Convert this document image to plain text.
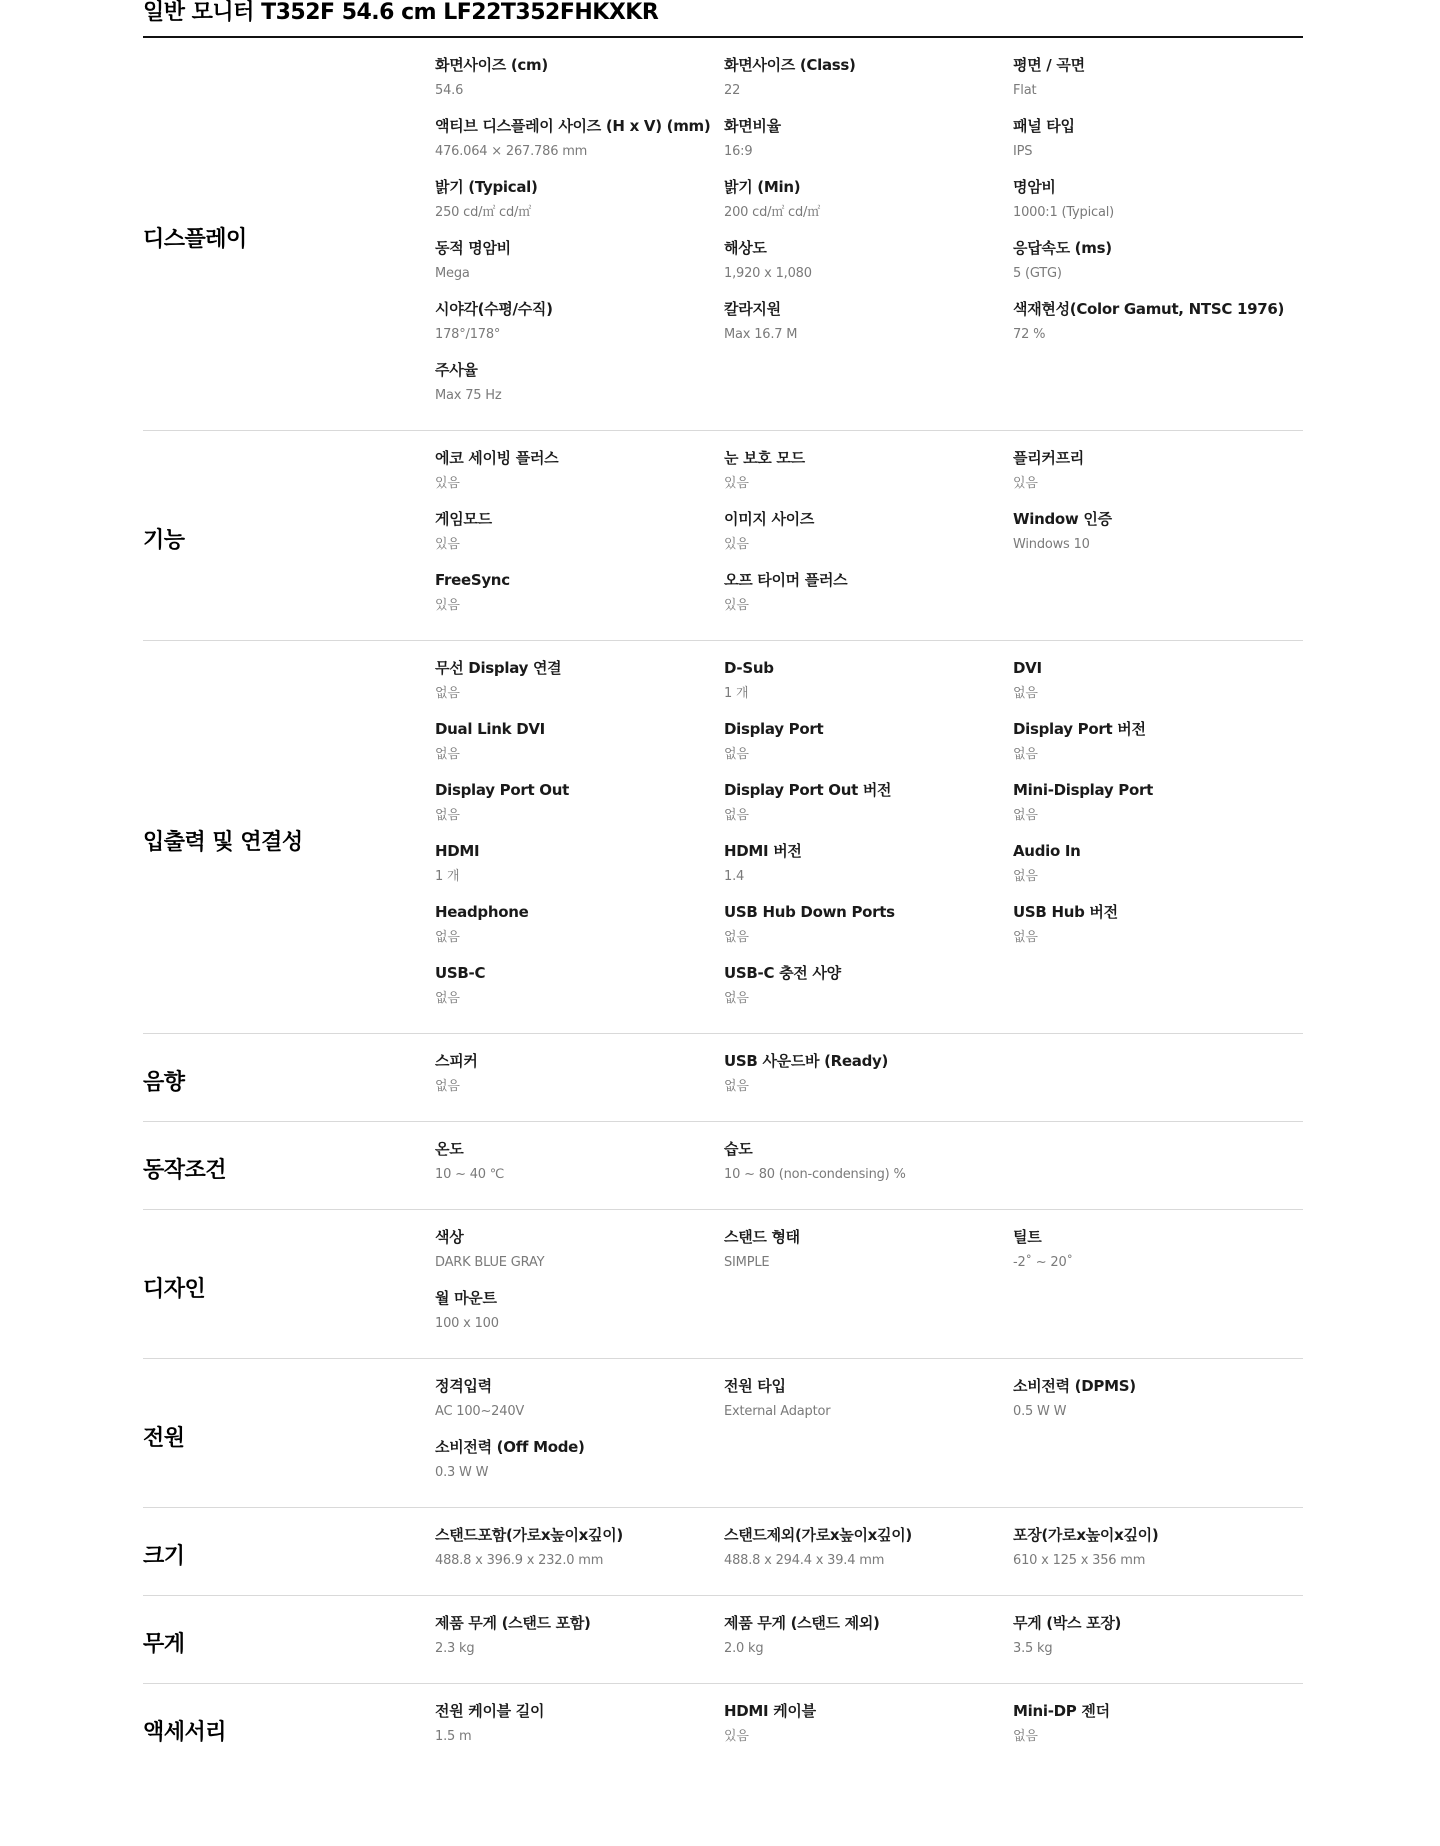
일반 모니터 T352F 54.6 cm LF22T352FHKXKR
디스플레이
화면사이즈 (cm)
54.6
화면사이즈 (Class)
22
평면 / 곡면
Flat
액티브 디스플레이 사이즈 (H x V) (mm)
476.064 × 267.786 mm
화면비율
16:9
패널 타입
IPS
밝기 (Typical)
250 cd/㎡ cd/㎡
밝기 (Min)
200 cd/㎡ cd/㎡
명암비
1000:1 (Typical)
동적 명암비
Mega
해상도
1,920 x 1,080
응답속도 (ms)
5 (GTG)
시야각(수평/수직)
178°/178°
칼라지원
Max 16.7 M
색재현성(Color Gamut, NTSC 1976)
72 %
주사율
Max 75 Hz
기능
에코 세이빙 플러스
있음
눈 보호 모드
있음
플리커프리
있음
게임모드
있음
이미지 사이즈
있음
Window 인증
Windows 10
FreeSync
있음
오프 타이머 플러스
있음
입출력 및 연결성
무선 Display 연결
없음
D-Sub
1 개
DVI
없음
Dual Link DVI
없음
Display Port
없음
Display Port 버전
없음
Display Port Out
없음
Display Port Out 버전
없음
Mini-Display Port
없음
HDMI
1 개
HDMI 버전
1.4
Audio In
없음
Headphone
없음
USB Hub Down Ports
없음
USB Hub 버전
없음
USB-C
없음
USB-C 충전 사양
없음
음향
스피커
없음
USB 사운드바 (Ready)
없음
동작조건
온도
10 ~ 40 ℃
습도
10 ~ 80 (non-condensing) %
디자인
색상
DARK BLUE GRAY
스탠드 형태
SIMPLE
틸트
-2˚ ~ 20˚
월 마운트
100 x 100
전원
정격입력
AC 100~240V
전원 타입
External Adaptor
소비전력 (DPMS)
0.5 W W
소비전력 (Off Mode)
0.3 W W
크기
스탠드포함(가로x높이x깊이)
488.8 x 396.9 x 232.0 mm
스탠드제외(가로x높이x깊이)
488.8 x 294.4 x 39.4 mm
포장(가로x높이x깊이)
610 x 125 x 356 mm
무게
제품 무게 (스탠드 포함)
2.3 kg
제품 무게 (스탠드 제외)
2.0 kg
무게 (박스 포장)
3.5 kg
액세서리
전원 케이블 길이
1.5 m
HDMI 케이블
있음
Mini-DP 젠더
없음
